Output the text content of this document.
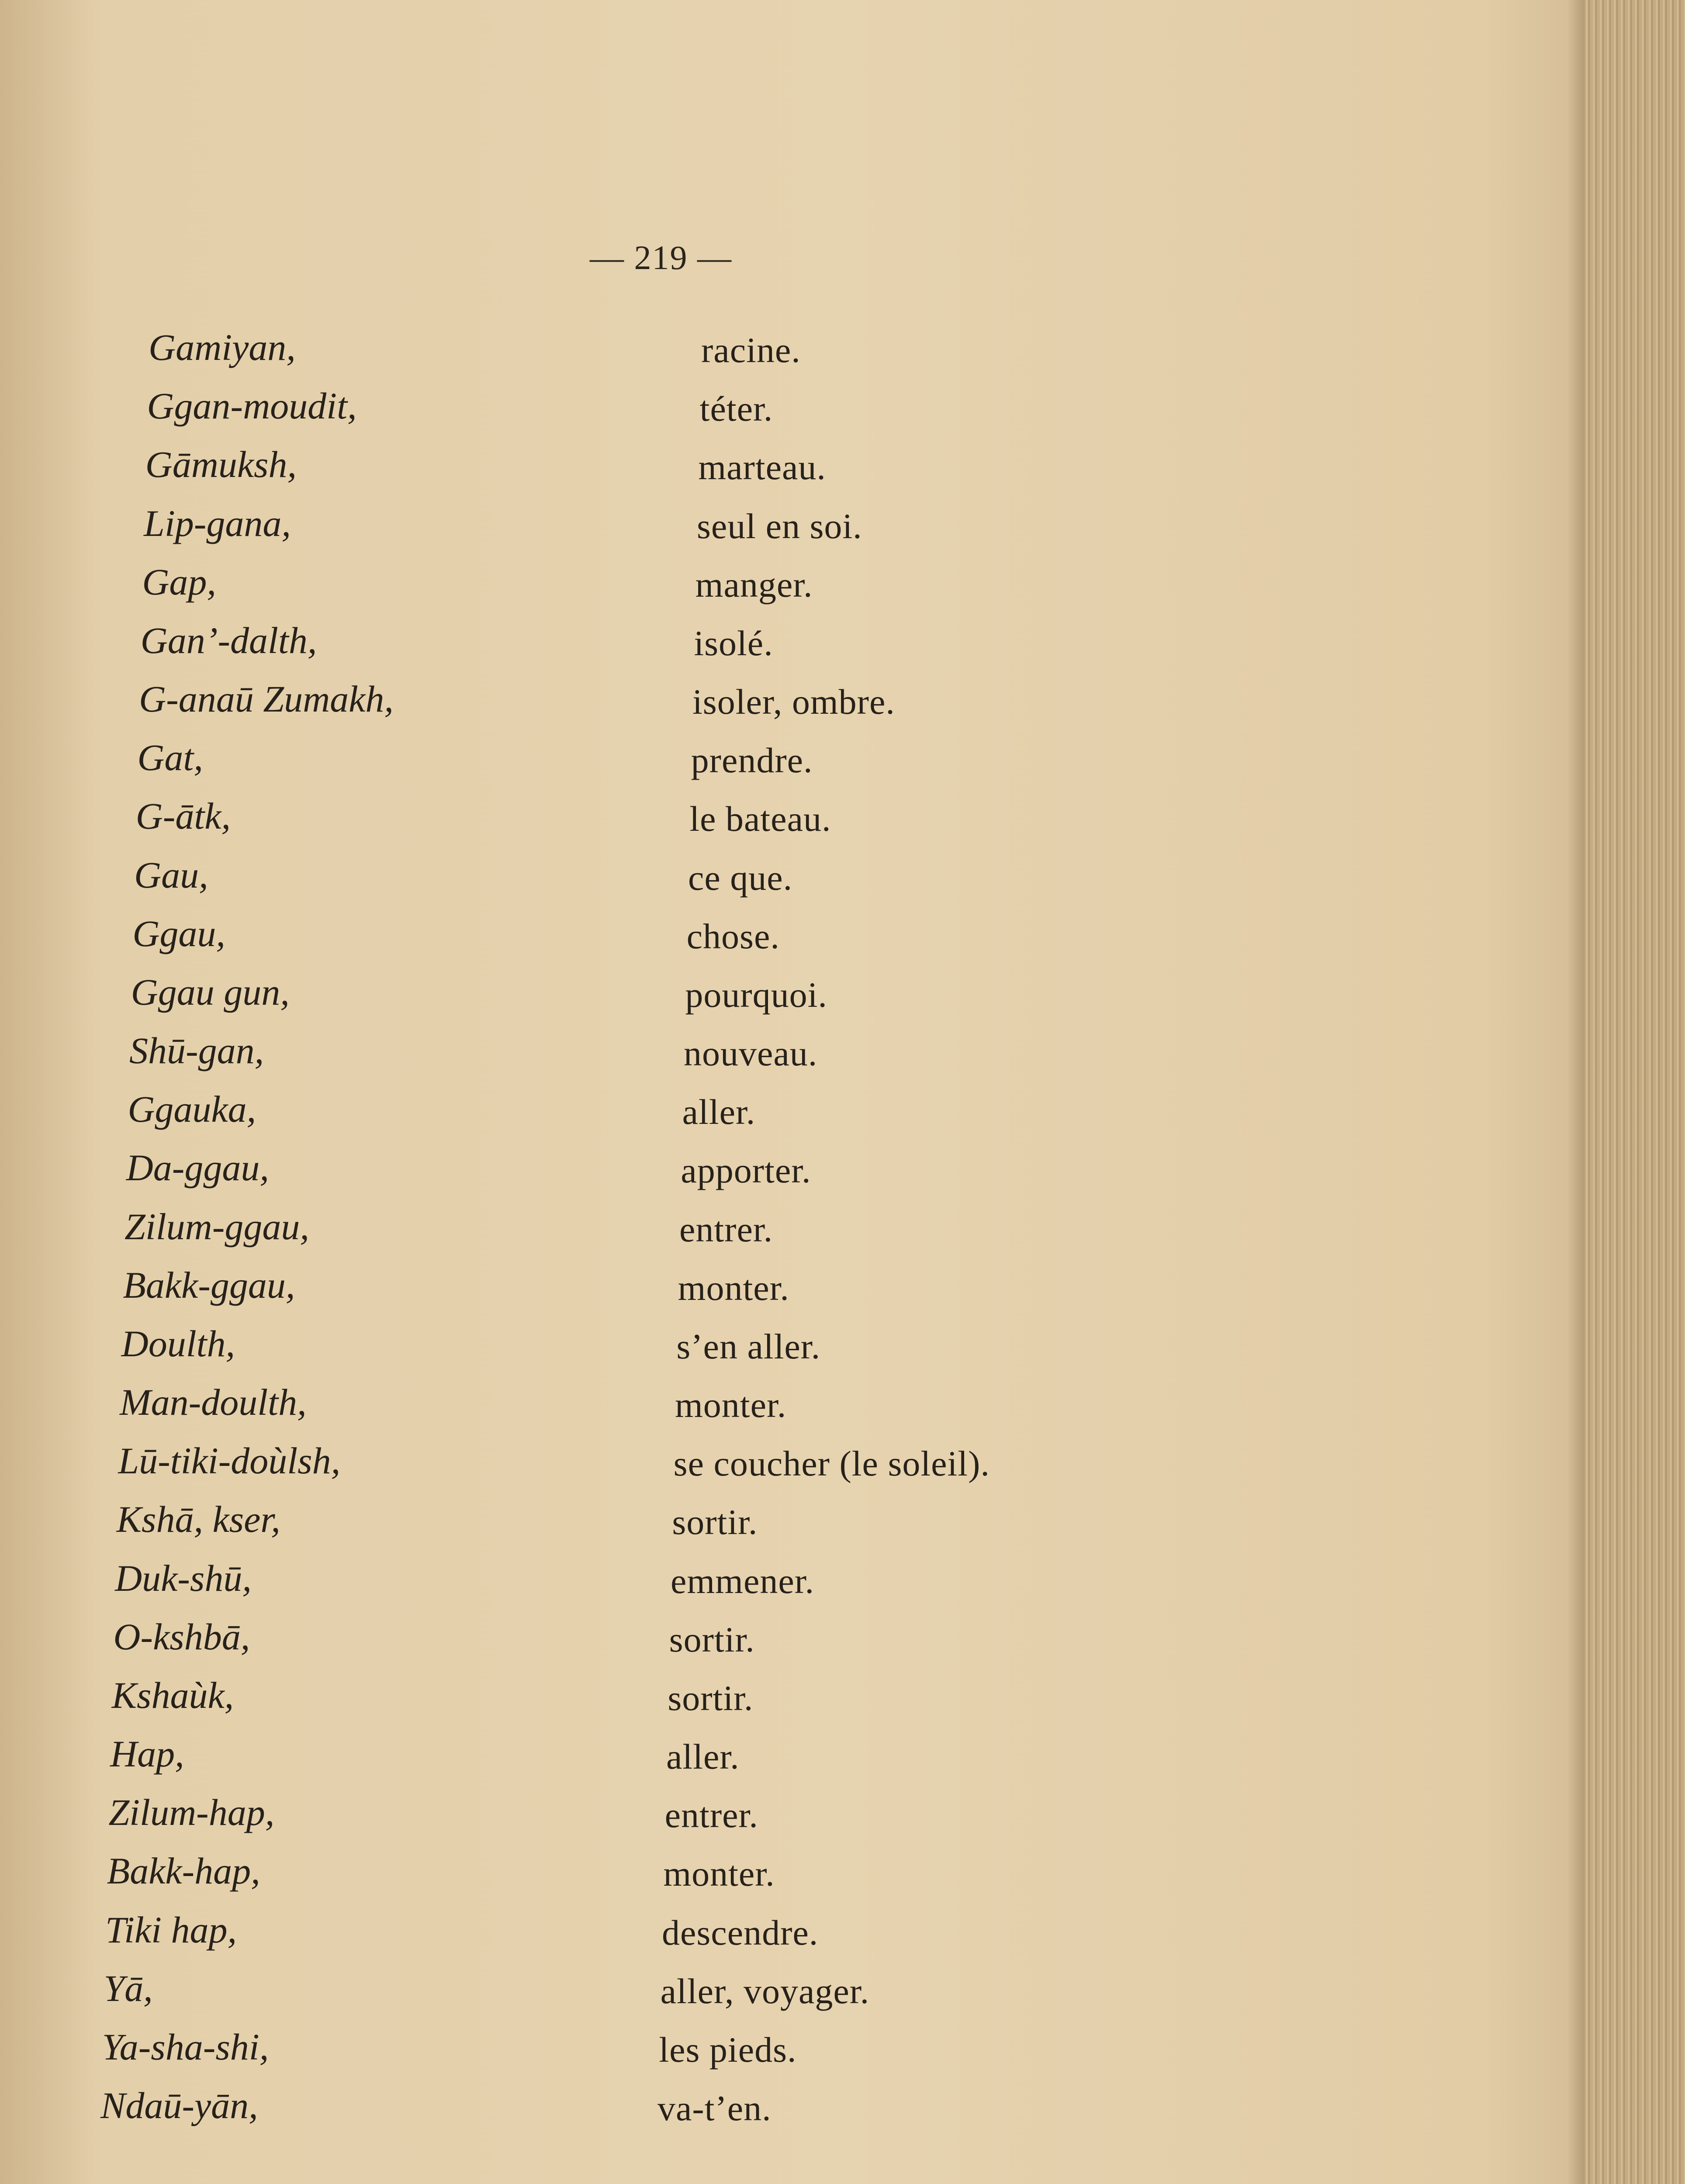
— 219 —
Gamiyan,	racine.
Ggan-moudit,	téter.
Gāmuksh,	marteau.
Lip-gana,	seul en soi.
Gap,	manger.
Gan’-dalth,	isolé.
G-anaū Zumakh,	isoler, ombre.
Gat,	prendre.
G-ātk,	le bateau.
Gau,	ce que.
Ggau,	chose.
Ggau gun,	pourquoi.
Shū-gan,	nouveau.
Ggauka,	aller.
Da-ggau,	apporter.
Zilum-ggau,	entrer.
Bakk-ggau,	monter.
Doulth,	s’en aller.
Man-doulth,	monter.
Lū-tiki-doùlsh,	se coucher (le soleil).
Kshā, kser,	sortir.
Duk-shū,	emmener.
O-kshbā,	sortir.
Kshaùk,	sortir.
Hap,	aller.
Zilum-hap,	entrer.
Bakk-hap,	monter.
Tiki hap,	descendre.
Yā,	aller, voyager.
Ya-sha-shi,	les pieds.
Ndaū-yān,	va-t’en.
